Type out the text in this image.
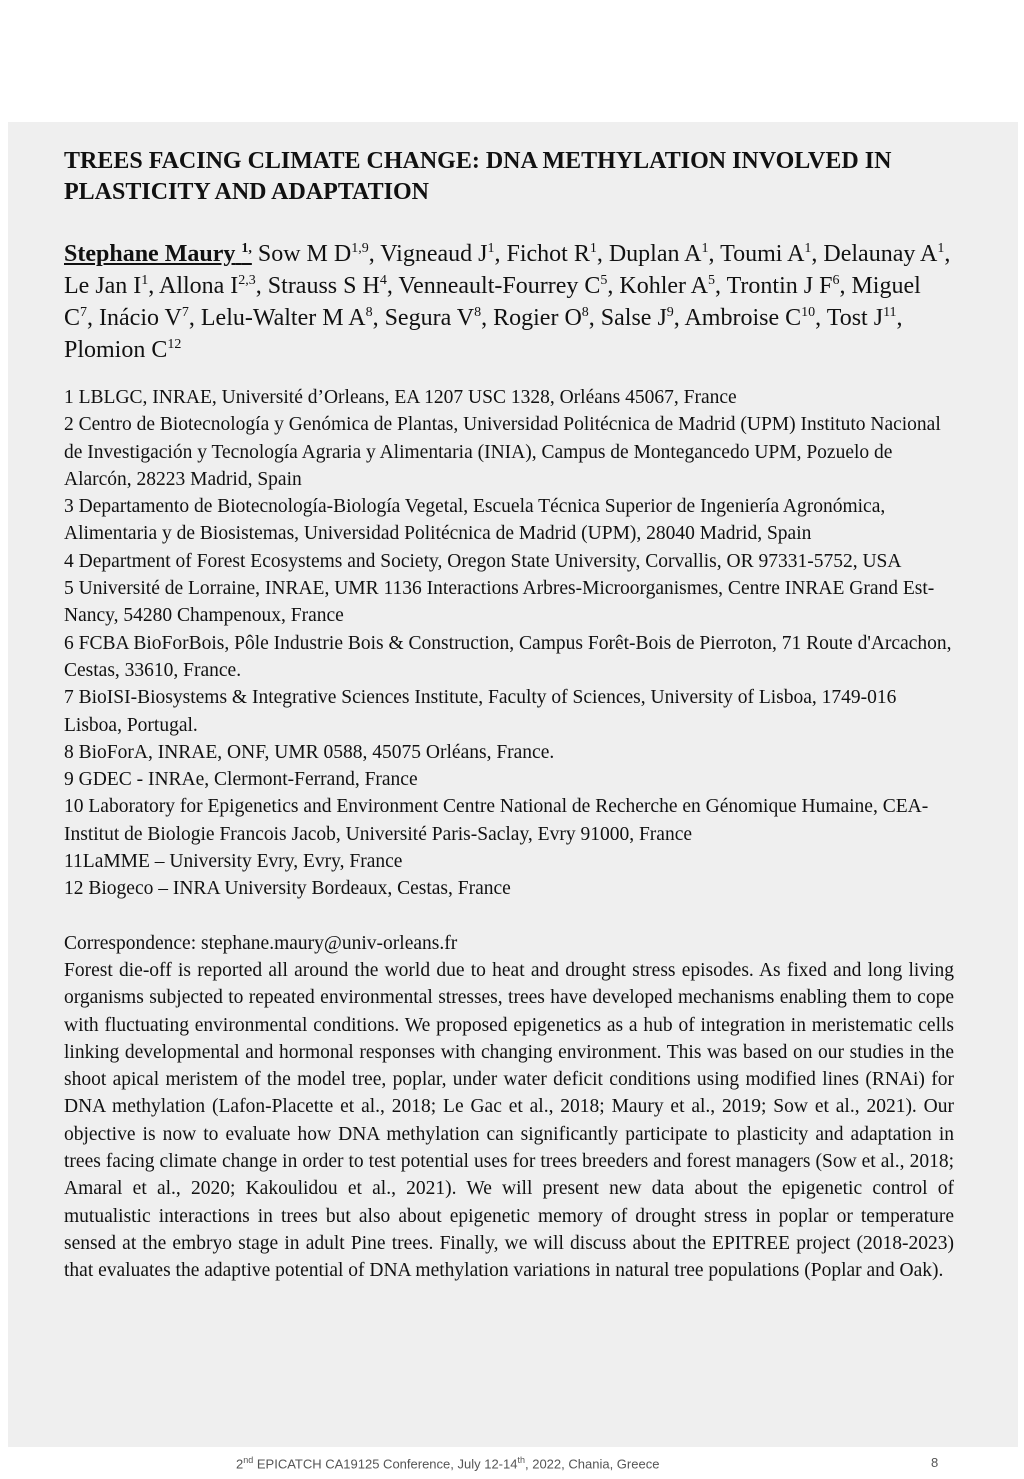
TREES FACING CLIMATE CHANGE: DNA METHYLATION INVOLVED IN PLASTICITY AND ADAPTATION
Stephane Maury $^{1,}$ Sow M D$^{1,9}$, Vigneaud $J^1$, Fichot $R^1$, Duplan $A^1$, Toumi $A^1$, Delaunay $A^1$, Le Jan $I^1$, Allona I$^{2,3}$, Strauss S $H^4$, Venneault-Fourrey $C^5$, Kohler $A^5$, Trontin J $F^6$, Miguel $C^7$, Inácio $V^7$, Lelu-Walter M $A^8$, Segura $V^8$, Rogier $O^8$, Salse $J^9$, Ambroise $C^{10}$, Tost $J^{11}$, Plomion $C^{12}$
1 LBLGC, INRAE, Université d’Orleans, EA 1207 USC 1328, Orléans 45067, France
2 Centro de Biotecnología y Genómica de Plantas, Universidad Politécnica de Madrid (UPM) Instituto Nacional de Investigación y Tecnología Agraria y Alimentaria (INIA), Campus de Montegancedo UPM, Pozuelo de Alarcón, 28223 Madrid, Spain
3 Departamento de Biotecnología-Biología Vegetal, Escuela Técnica Superior de Ingeniería Agronómica, Alimentaria y de Biosistemas, Universidad Politécnica de Madrid (UPM), 28040 Madrid, Spain
4 Department of Forest Ecosystems and Society, Oregon State University, Corvallis, OR 97331-5752, USA
5 Université de Lorraine, INRAE, UMR 1136 Interactions Arbres-Microorganismes, Centre INRAE Grand Est-Nancy, 54280 Champenoux, France
6 FCBA BioForBois, Pôle Industrie Bois & Construction, Campus Forêt-Bois de Pierroton, 71 Route d'Arcachon, Cestas, 33610, France.
7 BioISI-Biosystems & Integrative Sciences Institute, Faculty of Sciences, University of Lisboa, 1749-016 Lisboa, Portugal.
8 BioForA, INRAE, ONF, UMR 0588, 45075 Orléans, France.
9 GDEC - INRAe, Clermont-Ferrand, France
10 Laboratory for Epigenetics and Environment Centre National de Recherche en Génomique Humaine, CEA- Institut de Biologie Francois Jacob, Université Paris-Saclay, Evry 91000, France
11LaMME – University Evry, Evry, France
12 Biogeco – INRA University Bordeaux, Cestas, France
Correspondence: stephane.maury@univ-orleans.fr

Forest die-off is reported all around the world due to heat and drought stress episodes. As fixed and long living organisms subjected to repeated environmental stresses, trees have developed mechanisms enabling them to cope with fluctuating environmental conditions. We proposed epigenetics as a hub of integration in meristematic cells linking developmental and hormonal responses with changing environment. This was based on our studies in the shoot apical meristem of the model tree, poplar, under water deficit conditions using modified lines (RNAi) for DNA methylation (Lafon-Placette et al., 2018; Le Gac et al., 2018; Maury et al., 2019; Sow et al., 2021). Our objective is now to evaluate how DNA methylation can significantly participate to plasticity and adaptation in trees facing climate change in order to test potential uses for trees breeders and forest managers (Sow et al., 2018; Amaral et al., 2020; Kakoulidou et al., 2021). We will present new data about the epigenetic control of mutualistic interactions in trees but also about epigenetic memory of drought stress in poplar or temperature sensed at the embryo stage in adult Pine trees. Finally, we will discuss about the EPITREE project (2018-2023) that evaluates the adaptive potential of DNA methylation variations in natural tree populations (Poplar and Oak).

2nd EPICATCH CA19125 Conference, July 12-14th, 2022, Chania, Greece	8
